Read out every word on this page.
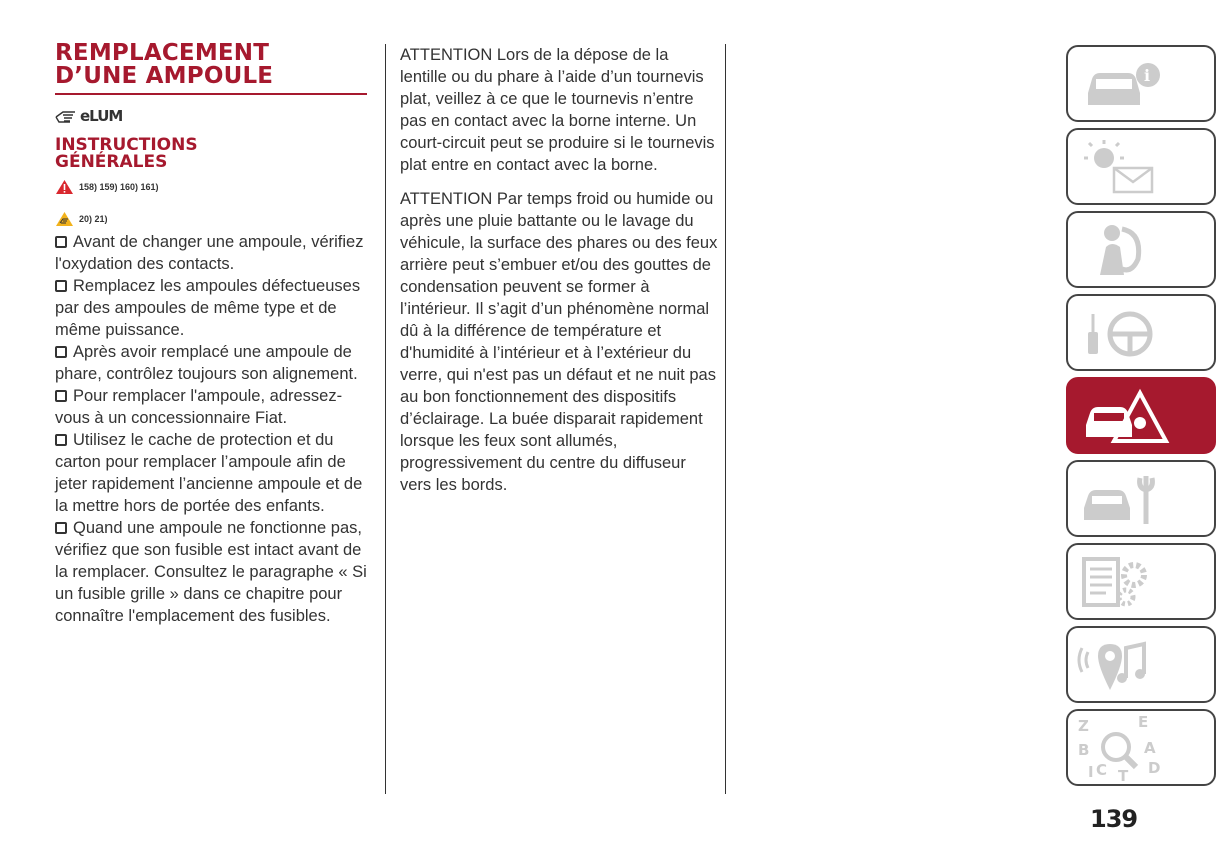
REMPLACEMENT
D’UNE AMPOULE
eLUM
INSTRUCTIONS
GÉNÉRALES
158) 159) 160) 161)
20) 21)
Avant de changer une ampoule, vérifiez l'oxydation des contacts.
Remplacez les ampoules défectueuses par des ampoules de même type et de même puissance.
Après avoir remplacé une ampoule de phare, contrôlez toujours son alignement.
Pour remplacer l'ampoule, adressez-vous à un concessionnaire Fiat.
Utilisez le cache de protection et du carton pour remplacer l’ampoule afin de jeter rapidement l’ancienne ampoule et de la mettre hors de portée des enfants.
Quand une ampoule ne fonctionne pas, vérifiez que son fusible est intact avant de la remplacer. Consultez le paragraphe « Si un fusible grille » dans ce chapitre pour connaître l'emplacement des fusibles.

ATTENTION Lors de la dépose de la lentille ou du phare à l’aide d’un tournevis plat, veillez à ce que le tournevis n’entre pas en contact avec la borne interne. Un court-circuit peut se produire si le tournevis plat entre en contact avec la borne.

ATTENTION Par temps froid ou humide ou après une pluie battante ou le lavage du véhicule, la surface des phares ou des feux arrière peut s’embuer et/ou des gouttes de condensation peuvent se former à l’intérieur. Il s’agit d’un phénomène normal dû à la différence de température et d'humidité à l’intérieur et à l’extérieur du verre, qui n'est pas un défaut et ne nuit pas au bon fonctionnement des dispositifs d’éclairage. La buée disparait rapidement lorsque les feux sont allumés, progressivement du centre du diffuseur vers les bords.

i
Z	E
B	A
I C T D
139
